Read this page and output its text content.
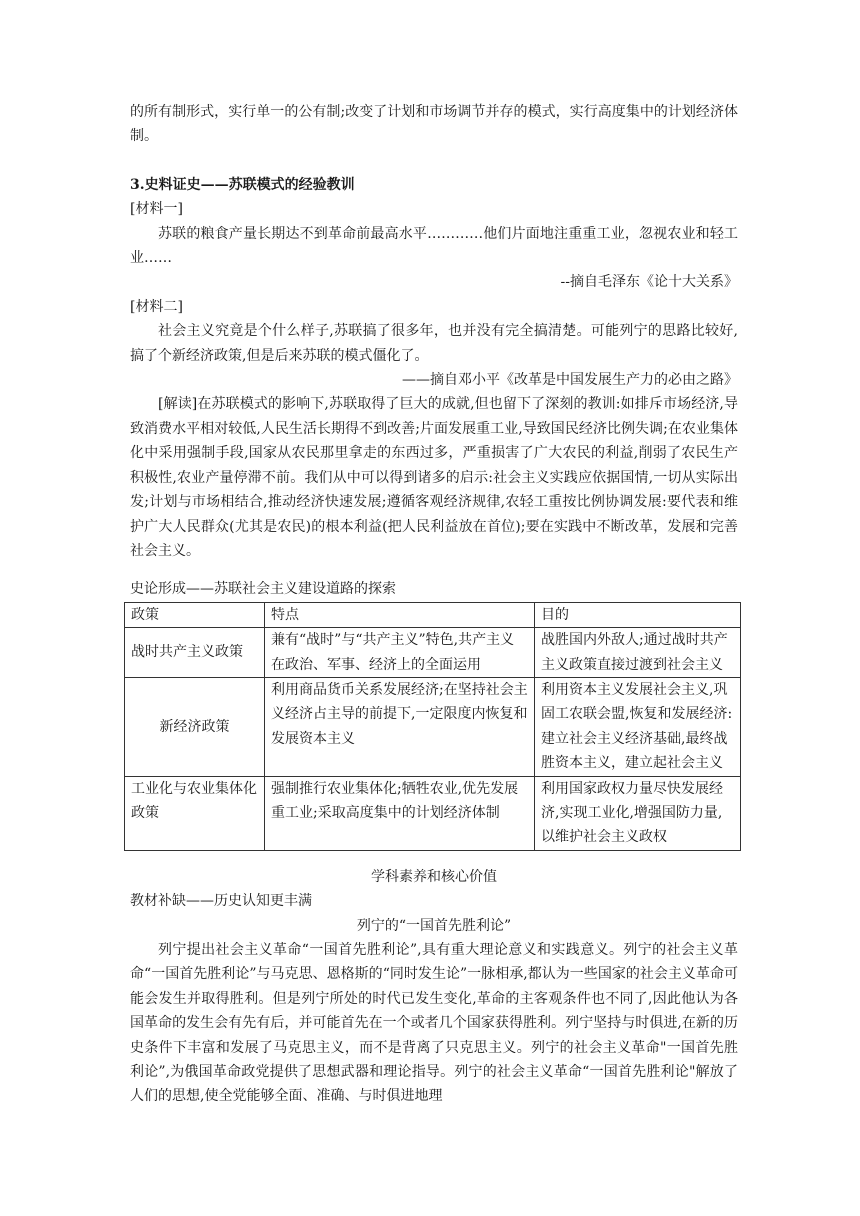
的所有制形式，实行单一的公有制;改变了计划和市场调节并存的模式，实行高度集中的计划经济体制。

3.史料证史——苏联模式的经验教训

[材料一]

苏联的粮食产量长期达不到革命前最高水平…………他们片面地注重重工业，忽视农业和轻工业……

--摘自毛泽东《论十大关系》

[材料二]

社会主义究竟是个什么样子,苏联搞了很多年，也并没有完全搞清楚。可能列宁的思路比较好,搞了个新经济政策,但是后来苏联的模式僵化了。

——摘自邓小平《改革是中国发展生产力的必由之路》

[解读]在苏联模式的影响下,苏联取得了巨大的成就,但也留下了深刻的教训:如排斥市场经济,导致消费水平相对较低,人民生活长期得不到改善;片面发展重工业,导致国民经济比例失调;在农业集体化中采用强制手段,国家从农民那里拿走的东西过多，严重损害了广大农民的利益,削弱了农民生产积极性,农业产量停滞不前。我们从中可以得到诸多的启示:社会主义实践应依据国情,一切从实际出发;计划与市场相结合,推动经济快速发展;遵循客观经济规律,农轻工重按比例协调发展:要代表和维护广大人民群众(尤其是农民)的根本利益(把人民利益放在首位);要在实践中不断改革，发展和完善社会主义。

史论形成——苏联社会主义建设道路的探索

政策	特点	目的
战时共产主义政策	兼有“战时”与“共产主义”特色,共产主义在政治、军事、经济上的全面运用	战胜国内外敌人;通过战时共产主义政策直接过渡到社会主义
新经济政策	利用商品货币关系发展经济;在坚持社会主义经济占主导的前提下,一定限度内恢复和发展资本主义	利用资本主义发展社会主义,巩固工农联会盟,恢复和发展经济:建立社会主义经济基础,最终战胜资本主义，建立起社会主义
工业化与农业集体化政策	强制推行农业集体化;牺牲农业,优先发展重工业;采取高度集中的计划经济体制	利用国家政权力量尽快发展经济,实现工业化,增强国防力量,以维护社会主义政权

学科素养和核心价值

教材补缺——历史认知更丰满

列宁的“一国首先胜利论”

列宁提出社会主义革命“一国首先胜利论”,具有重大理论意义和实践意义。列宁的社会主义革命“一国首先胜利论”与马克思、恩格斯的“同时发生论”一脉相承,都认为一些国家的社会主义革命可能会发生并取得胜利。但是列宁所处的时代已发生变化,革命的主客观条件也不同了,因此他认为各国革命的发生会有先有后，并可能首先在一个或者几个国家获得胜利。列宁坚持与时俱进,在新的历史条件下丰富和发展了马克思主义，而不是背离了只克思主义。列宁的社会主义革命"一国首先胜利论”,为俄国革命政党提供了思想武器和理论指导。列宁的社会主义革命“一国首先胜利论"解放了人们的思想,使全党能够全面、准确、与时俱进地理
